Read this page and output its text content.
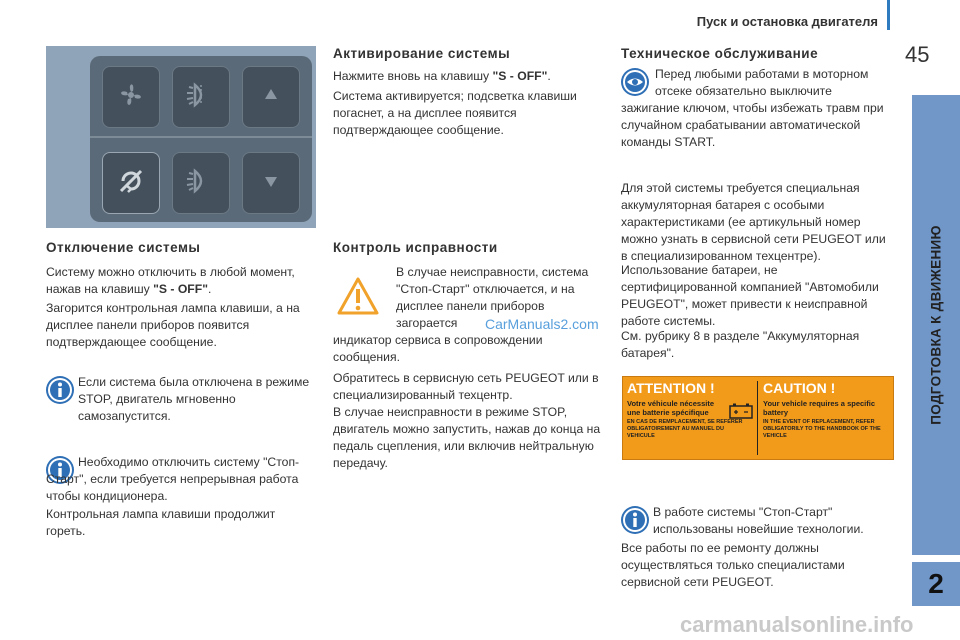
Пуск и остановка двигателя
45
ПОДГОТОВКА К ДВИЖЕНИЮ
2
Отключение системы

Систему можно отключить в любой момент, нажав на клавишу "S - OFF".

Загорится контрольная лампа клавиши, а на дисплее панели приборов появится подтверждающее сообщение.

Если система была отключена в режиме STOP, двигатель мгновенно самозапустится.

Необходимо отключить систему "Стоп-Старт", если требуется непрерывная работа чтобы кондиционера.

Контрольная лампа клавиши продолжит гореть.

Активирование системы

Нажмите вновь на клавишу "S - OFF".

Система активируется; подсветка клавиши погаснет, а на дисплее появится подтверждающее сообщение.

Контроль исправности

В случае неисправности, система "Стоп-Старт" отключается, и на дисплее панели приборов загорается

индикатор сервиса в сопровождении сообщения.

Обратитесь в сервисную сеть PEUGEOT или в специализированный техцентр.

В случае неисправности в режиме STOP, двигатель можно запустить, нажав до конца на педаль сцепления, или включив нейтральную передачу.

Техническое обслуживание

Перед любыми работами в моторном отсеке обязательно выключите

зажигание ключом, чтобы избежать травм при случайном срабатывании автоматической команды START.

Для этой системы требуется специальная аккумуляторная батарея с особыми характеристиками (ее артикульный номер можно узнать в сервисной сети PEUGEOT или в специализированном техцентре).

Использование батареи, не сертифицированной компанией "Автомобили PEUGEOT", может привести к неисправной работе системы.

См. рубрику 8 в разделе "Аккумуляторная батарея".

ATTENTION !
Votre véhicule nécessite une batterie spécifique
EN CAS DE REMPLACEMENT, SE REFERER OBLIGATOIREMENT AU MANUEL DU VEHICULE
CAUTION !
Your vehicle requires a specific battery
IN THE EVENT OF REPLACEMENT, REFER OBLIGATORILY TO THE HANDBOOK OF THE VEHICLE

В работе системы "Стоп-Старт" использованы новейшие технологии.

Все работы по ее ремонту должны осуществляться только специалистами сервисной сети PEUGEOT.

CarManuals2.com
carmanualsonline.info
